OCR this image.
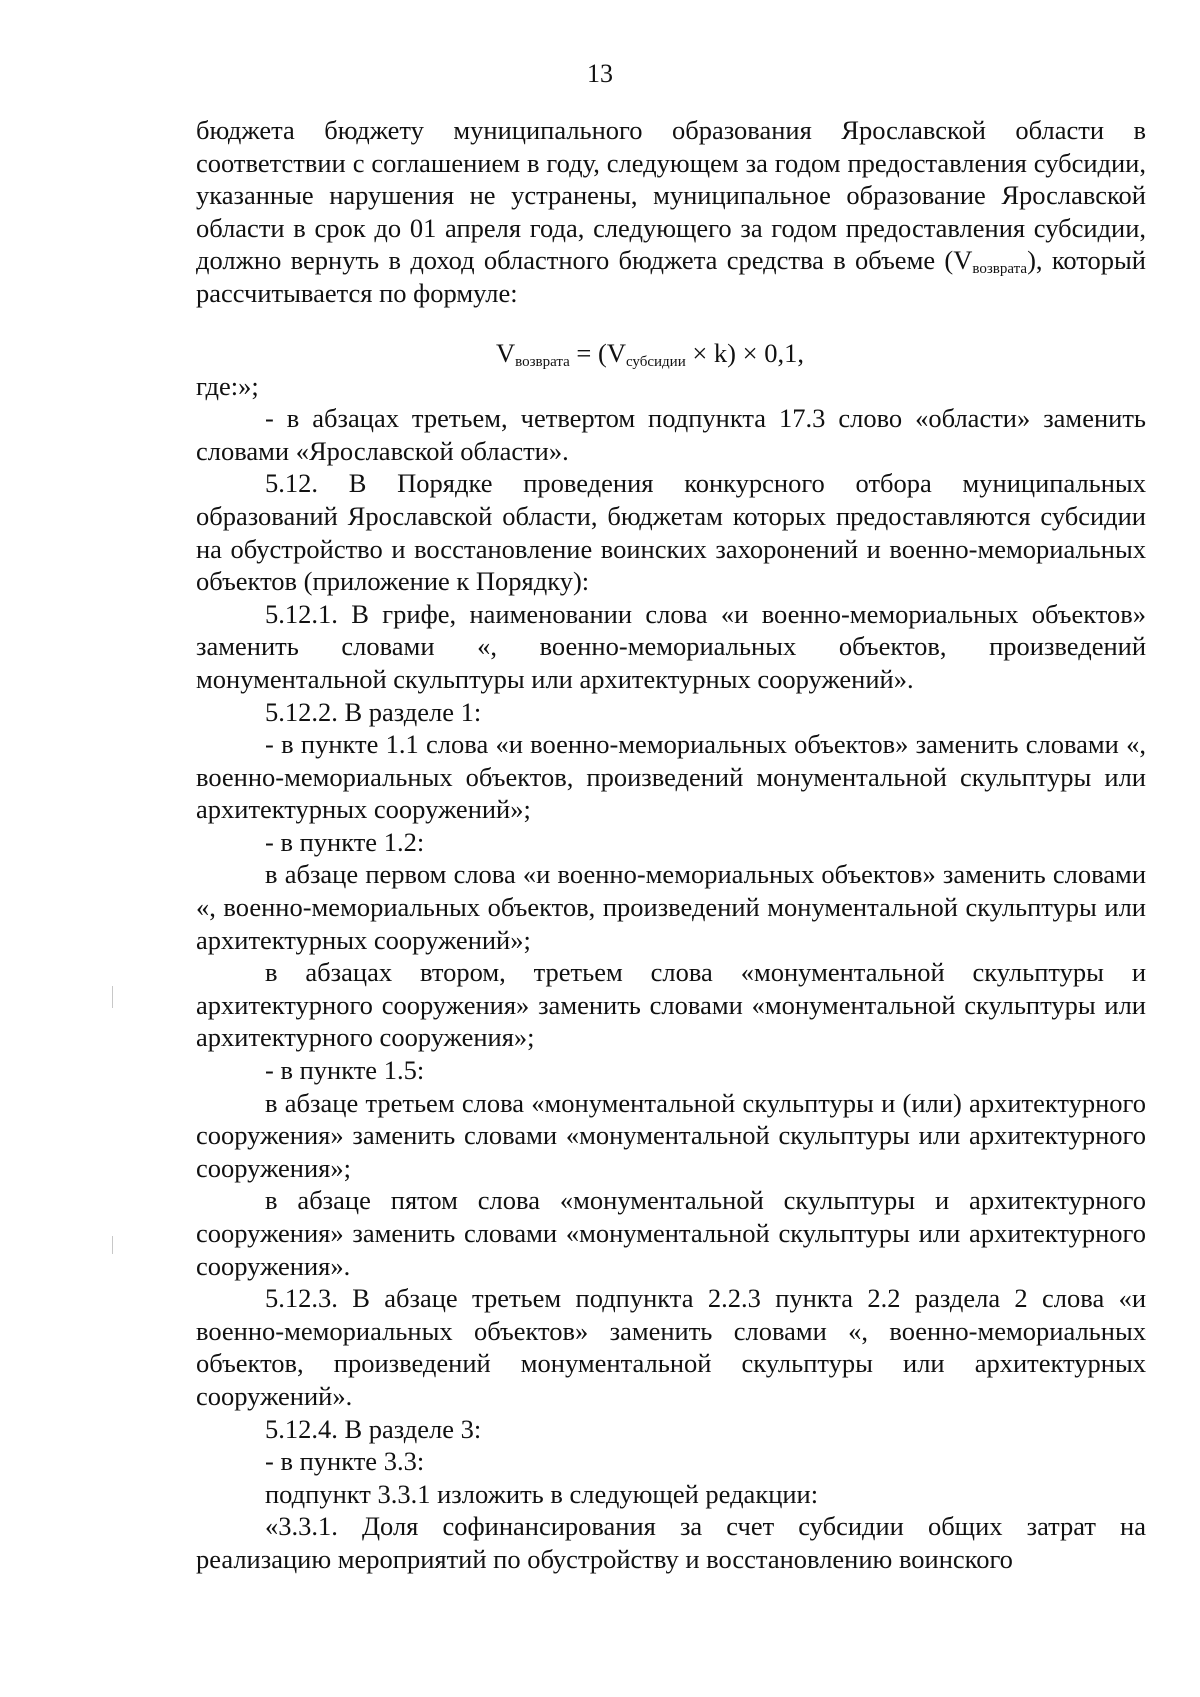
13

бюджета бюджету муниципального образования Ярославской области в соответствии с соглашением в году, следующем за годом предоставления субсидии, указанные нарушения не устранены, муниципальное образование Ярославской области в срок до 01 апреля года, следующего за годом предоставления субсидии, должно вернуть в доход областного бюджета средства в объеме $(V_{возврата})$, который рассчитывается по формуле:

$V_{возврата} = (V_{субсидии} \times k) \times 0,1$,

где:»;

- в абзацах третьем, четвертом подпункта 17.3 слово «области» заменить словами «Ярославской области».

5.12. В Порядке проведения конкурсного отбора муниципальных образований Ярославской области, бюджетам которых предоставляются субсидии на обустройство и восстановление воинских захоронений и военно-мемориальных объектов (приложение к Порядку):

5.12.1. В грифе, наименовании слова «и военно-мемориальных объектов» заменить словами «, военно-мемориальных объектов, произведений монументальной скульптуры или архитектурных сооружений».

5.12.2. В разделе 1:

- в пункте 1.1 слова «и военно-мемориальных объектов» заменить словами «, военно-мемориальных объектов, произведений монументальной скульптуры или архитектурных сооружений»;

- в пункте 1.2:

в абзаце первом слова «и военно-мемориальных объектов» заменить словами «, военно-мемориальных объектов, произведений монументальной скульптуры или архитектурных сооружений»;

в абзацах втором, третьем слова «монументальной скульптуры и архитектурного сооружения» заменить словами «монументальной скульптуры или архитектурного сооружения»;

- в пункте 1.5:

в абзаце третьем слова «монументальной скульптуры и (или) архитектурного сооружения» заменить словами «монументальной скульптуры или архитектурного сооружения»;

в абзаце пятом слова «монументальной скульптуры и архитектурного сооружения» заменить словами «монументальной скульптуры или архитектурного сооружения».

5.12.3. В абзаце третьем подпункта 2.2.3 пункта 2.2 раздела 2 слова «и военно-мемориальных объектов» заменить словами «, военно-мемориальных объектов, произведений монументальной скульптуры или архитектурных сооружений».

5.12.4. В разделе 3:

- в пункте 3.3:

подпункт 3.3.1 изложить в следующей редакции:

«3.3.1. Доля софинансирования за счет субсидии общих затрат на реализацию мероприятий по обустройству и восстановлению воинского
